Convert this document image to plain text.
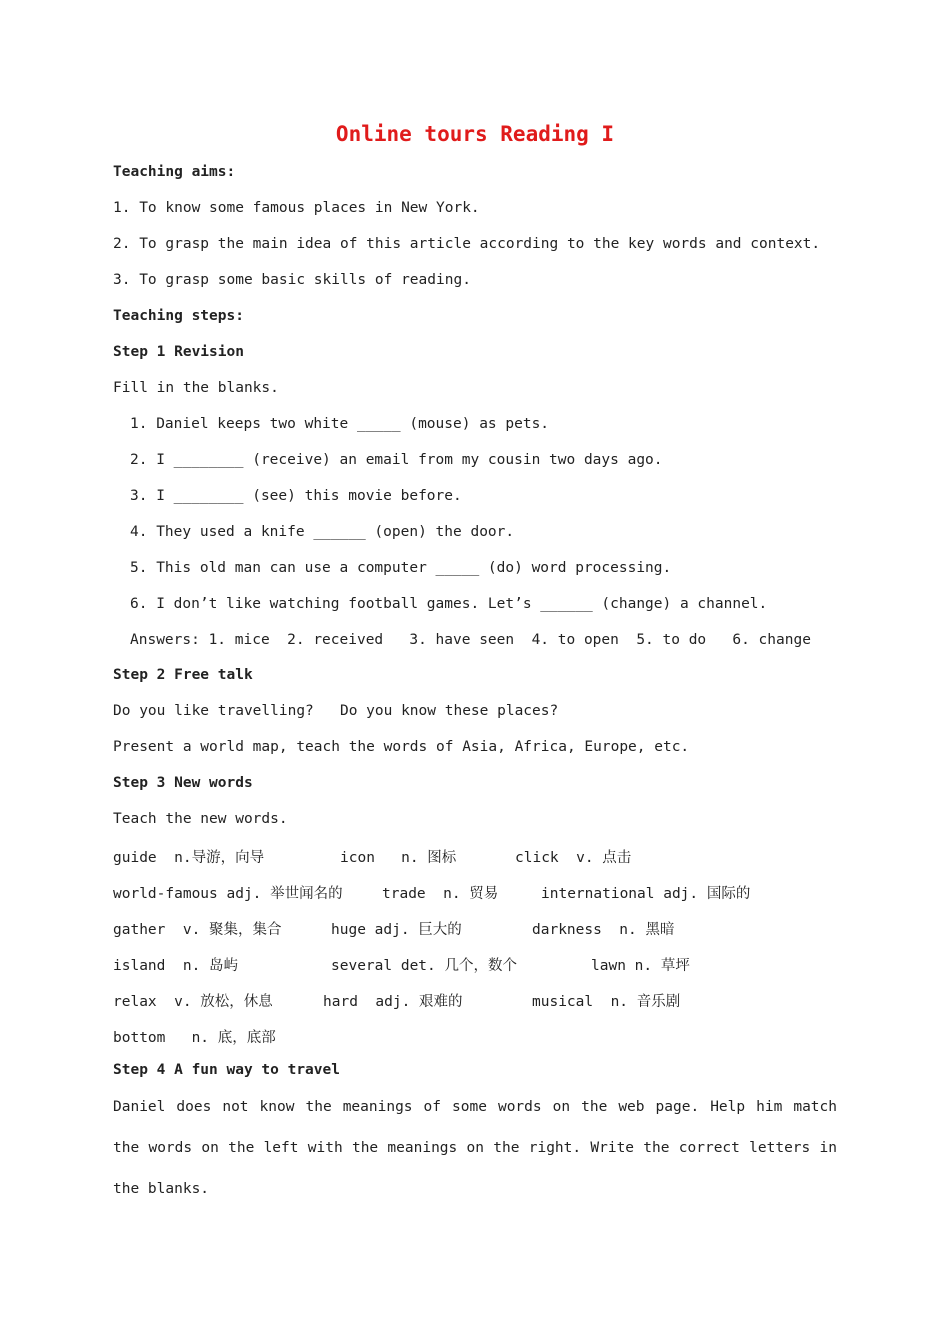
Online tours Reading I
Teaching aims:
1. To know some famous places in New York.
2. To grasp the main idea of this article according to the key words and context.
3. To grasp some basic skills of reading.
Teaching steps:
Step 1 Revision
Fill in the blanks.
1. Daniel keeps two white _____ (mouse) as pets.
2. I ________ (receive) an email from my cousin two days ago.
3. I ________ (see) this movie before.
4. They used a knife ______ (open) the door.
5. This old man can use a computer _____ (do) word processing.
6. I don’t like watching football games. Let’s ______ (change) a channel.
Answers: 1. mice  2. received   3. have seen  4. to open  5. to do   6. change
Step 2 Free talk
Do you like travelling?   Do you know these places?
Present a world map, teach the words of Asia, Africa, Europe, etc.
Step 3 New words
Teach the new words.
guide  n.导游，向导	icon   n. 图标	click  v. 点击
world-famous adj. 举世闻名的	trade  n. 贸易	international adj. 国际的
gather  v. 聚集，集合	huge adj. 巨大的	darkness  n. 黑暗
island  n. 岛屿	several det. 几个，数个	lawn n. 草坪
relax  v. 放松，休息	hard  adj. 艰难的	musical  n. 音乐剧
bottom   n. 底，底部
Step 4 A fun way to travel
Daniel does not know the meanings of some words on the web page. Help him match the words on the left with the meanings on the right. Write the correct letters in the blanks.
